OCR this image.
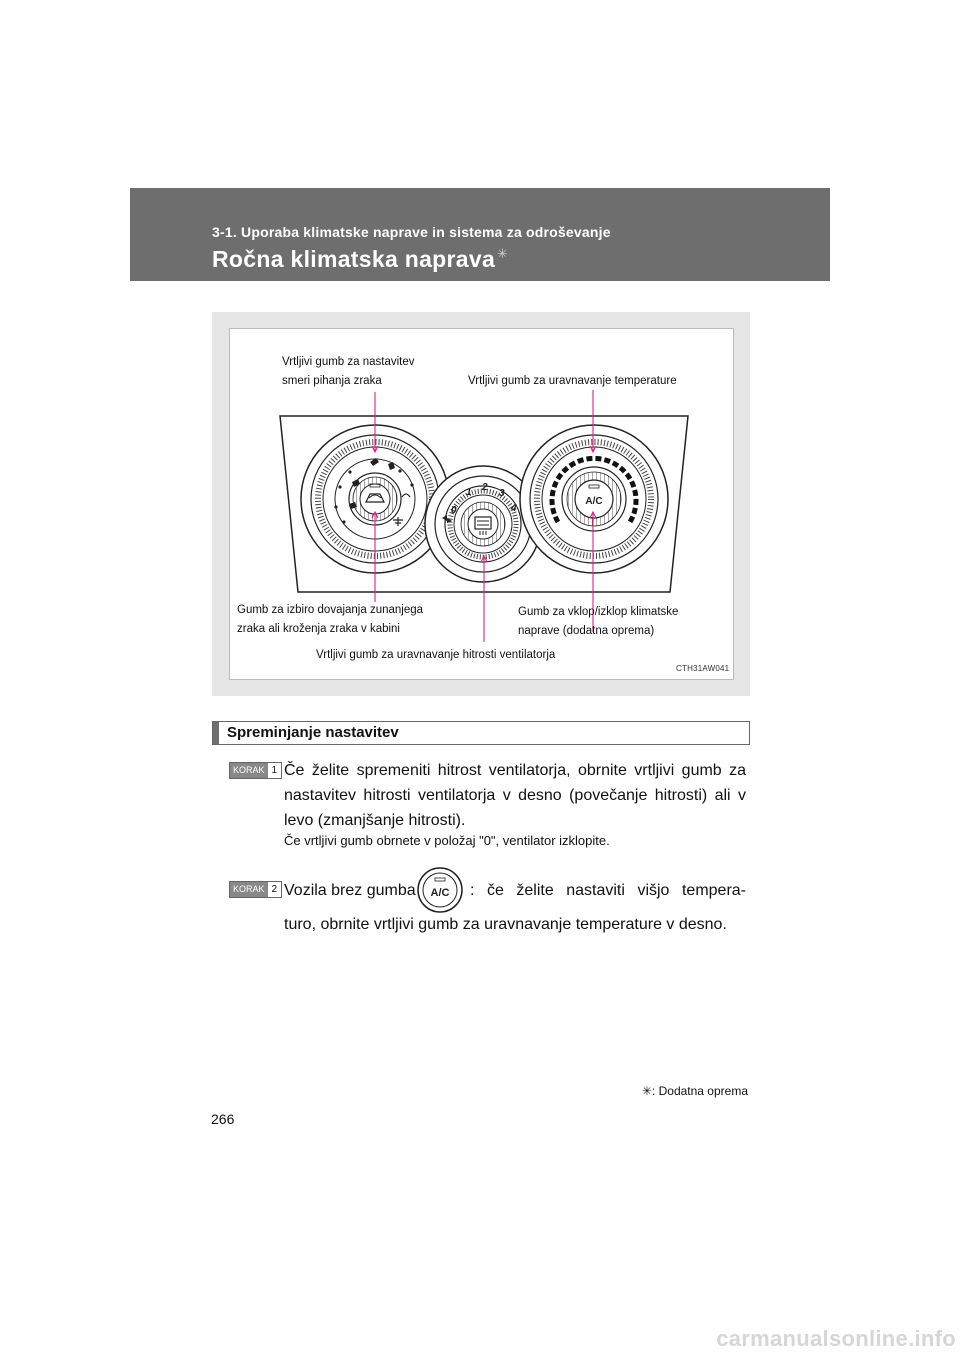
3-1. Uporaba klimatske naprave in sistema za odroševanje
Ročna klimatska naprava ✳
0
1 2
3
4
A/C
Vrtljivi gumb za nastavitev
smeri pihanja zraka	Vrtljivi gumb za uravnavanje temperature
Gumb za izbiro dovajanja zunanjega
zraka ali kroženja zraka v kabini
Gumb za vklop/izklop klimatske
naprave (dodatna oprema)
Vrtljivi gumb za uravnavanje hitrosti ventilatorja
CTH31AW041
Spreminjanje nastavitev
KORAK 1 Če želite spremeniti hitrost ventilatorja, obrnite vrtljivi gumb za nastavitev hitrosti ventilatorja v desno (povečanje hitrosti) ali v levo (zmanjšanje hitrosti).
Če vrtljivi gumb obrnete v položaj "0", ventilator izklopite.
KORAK 2 Vozila brez gumba A/C : če želite nastaviti višjo tempera-
turo, obrnite vrtljivi gumb za uravnavanje temperature v desno.
✳: Dodatna oprema
266
carmanualsonline.info
